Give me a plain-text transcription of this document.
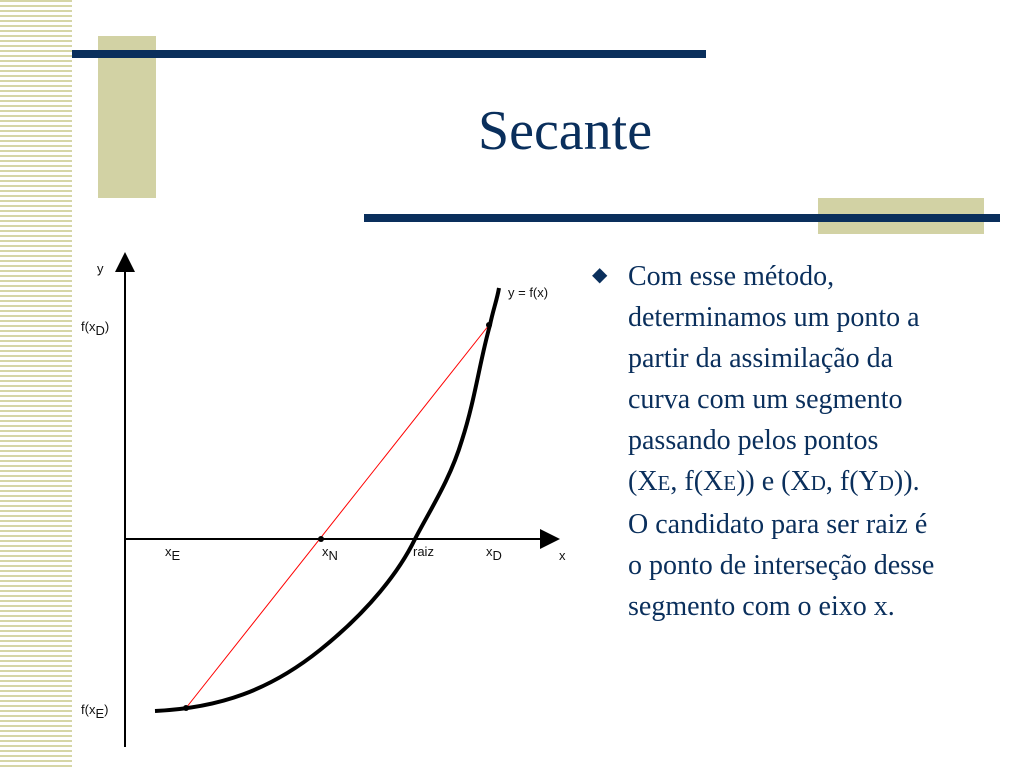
Secante
y
x
y = f(x)
f(xD)
f(xE)
xE	xN	raiz	xD
◆ Com esse método,
determinamos um ponto a
partir da assimilação da
curva com um segmento
passando pelos pontos
(XE, f(XE)) e (XD, f(YD)).
O candidato para ser raiz é
o ponto de interseção desse
segmento com o eixo x.
